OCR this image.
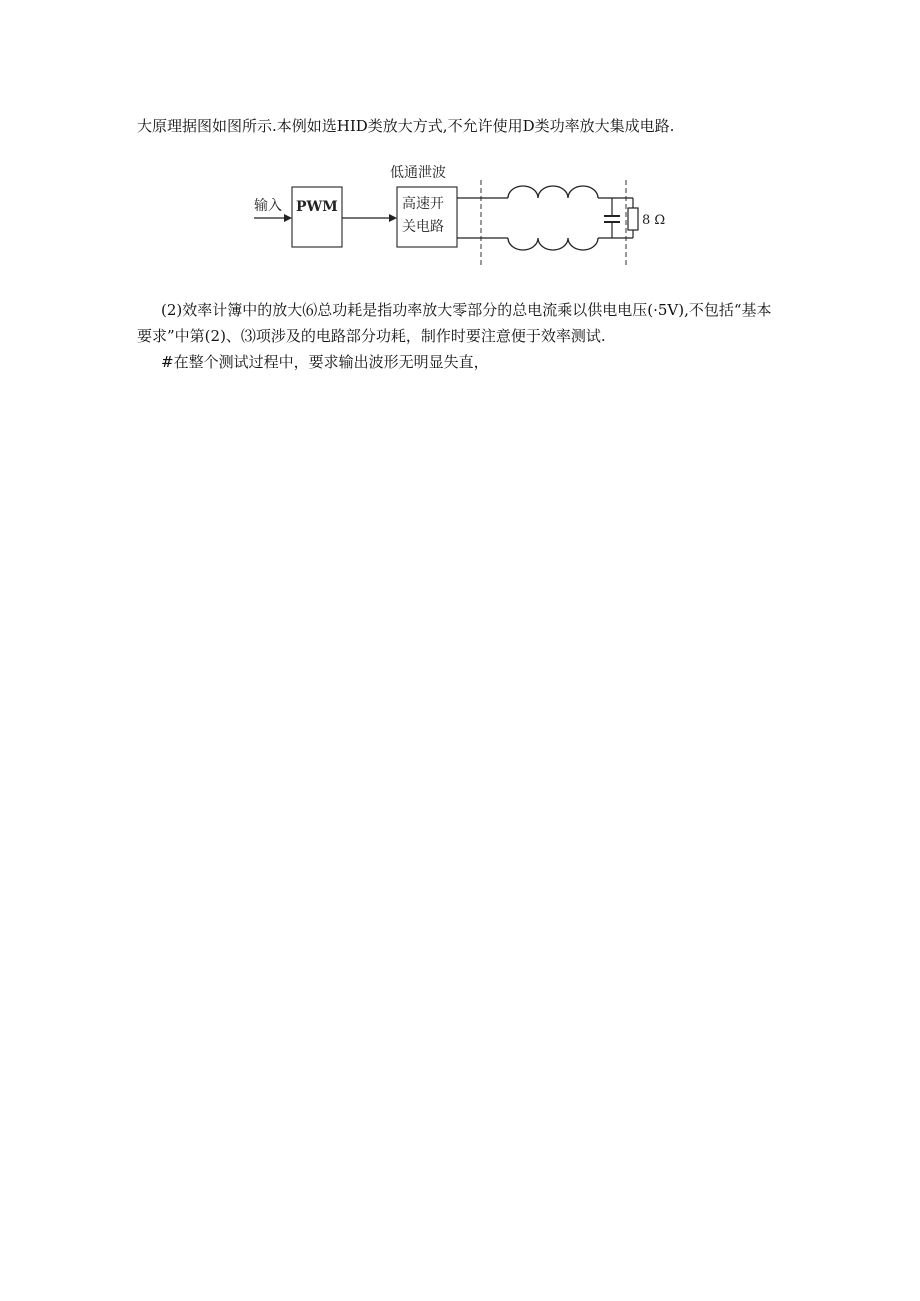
大原理据图如图所示.本例如选HID类放大方式,不允许使用D类功率放大集成电路.
低通泄波
输入 PWM	高速开
关电路	8 Ω
(2)效率计簿中的放大⑹总功耗是指功率放大零部分的总电流乘以供电电压(·5V),不包括“基本
要求”中第(2)、⑶项涉及的电路部分功耗，制作时要注意便于效率测试.
#在整个测试过程中，要求输出波形无明显失直，
